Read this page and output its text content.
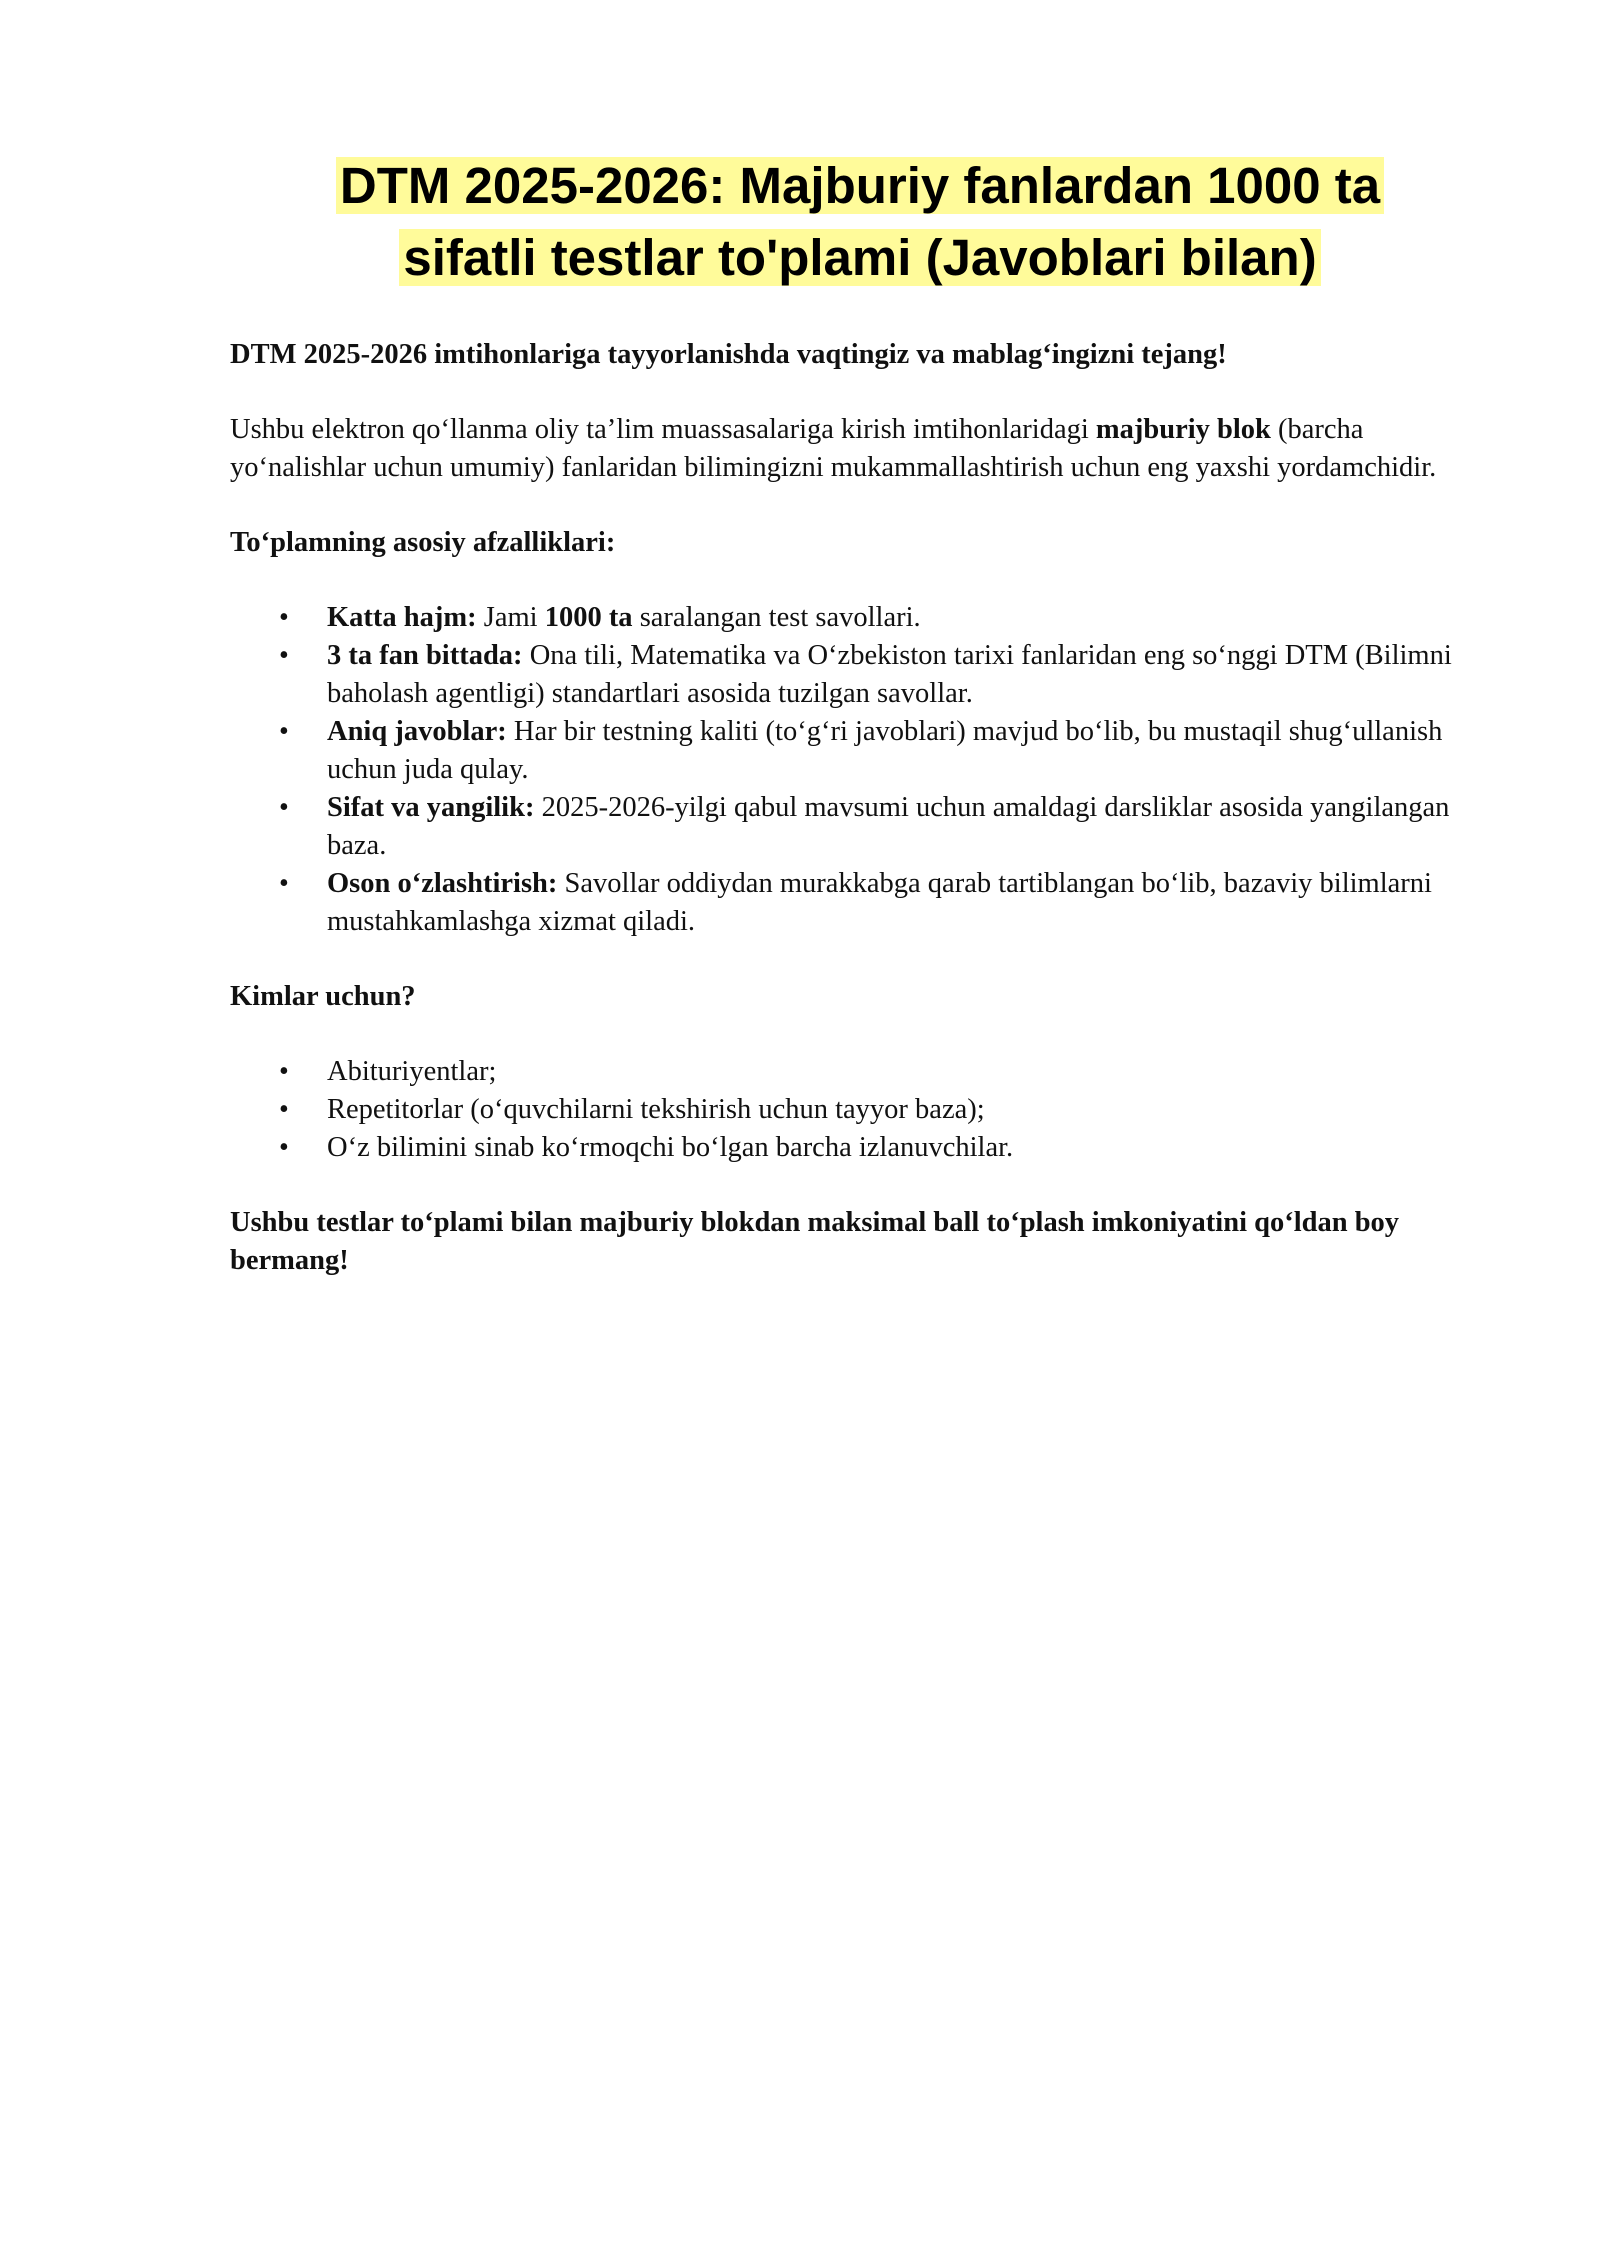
DTM 2025-2026: Majburiy fanlardan 1000 ta
sifatli testlar to'plami (Javoblari bilan)

DTM 2025-2026 imtihonlariga tayyorlanishda vaqtingiz va mablag‘ingizni tejang!

Ushbu elektron qo‘llanma oliy ta’lim muassasalariga kirish imtihonlaridagi majburiy blok (barcha yo‘nalishlar uchun umumiy) fanlaridan bilimingizni mukammallashtirish uchun eng yaxshi yordamchidir.

To‘plamning asosiy afzalliklari:

• Katta hajm: Jami 1000 ta saralangan test savollari.
• 3 ta fan bittada: Ona tili, Matematika va O‘zbekiston tarixi fanlaridan eng so‘nggi DTM (Bilimni baholash agentligi) standartlari asosida tuzilgan savollar.
• Aniq javoblar: Har bir testning kaliti (to‘g‘ri javoblari) mavjud bo‘lib, bu mustaqil shug‘ullanish uchun juda qulay.
• Sifat va yangilik: 2025-2026-yilgi qabul mavsumi uchun amaldagi darsliklar asosida yangilangan baza.
• Oson o‘zlashtirish: Savollar oddiydan murakkabga qarab tartiblangan bo‘lib, bazaviy bilimlarni mustahkamlashga xizmat qiladi.

Kimlar uchun?

• Abituriyentlar;
• Repetitorlar (o‘quvchilarni tekshirish uchun tayyor baza);
• O‘z bilimini sinab ko‘rmoqchi bo‘lgan barcha izlanuvchilar.

Ushbu testlar to‘plami bilan majburiy blokdan maksimal ball to‘plash imkoniyatini qo‘ldan boy bermang!
